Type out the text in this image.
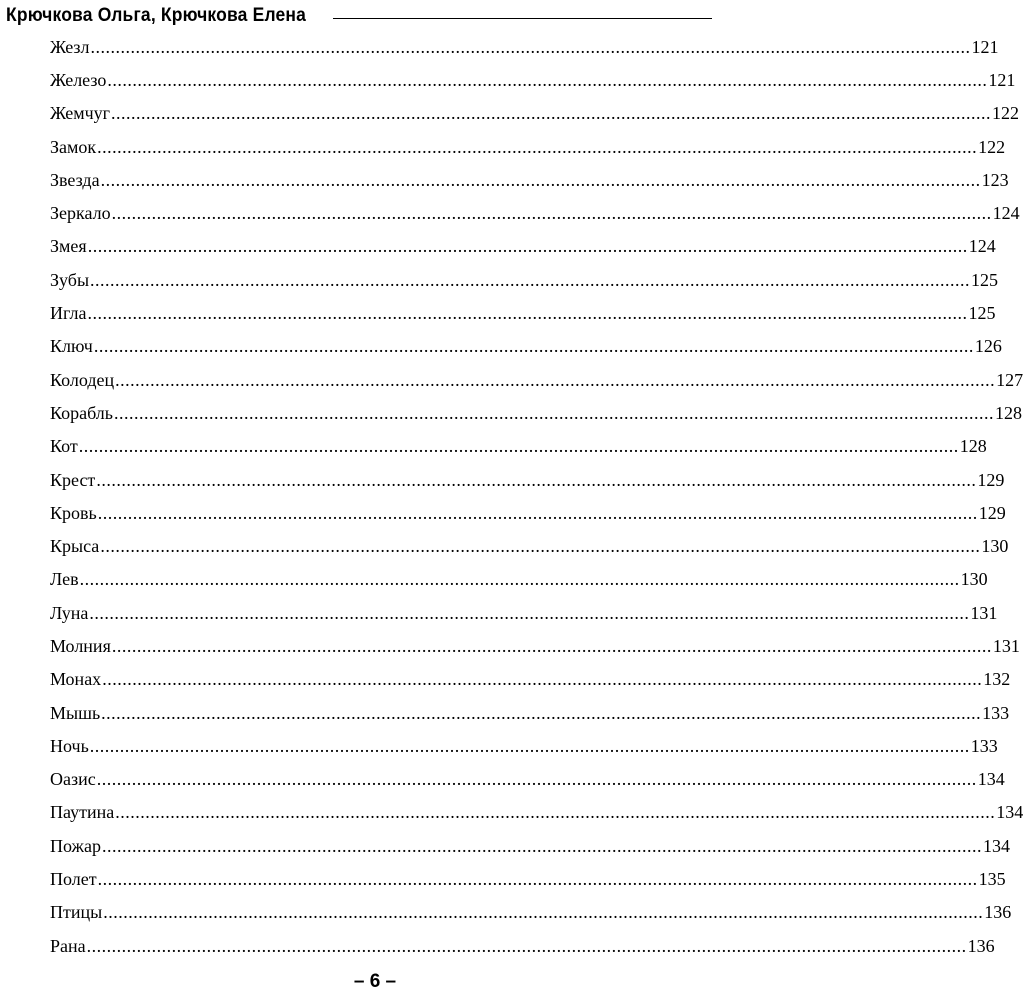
Крючкова Ольга, Крючкова Елена
Жезл ................................................................................................................................................................................ 121
Железо ................................................................................................................................................................................ 121
Жемчуг ................................................................................................................................................................................ 122
Замок ................................................................................................................................................................................ 122
Звезда ................................................................................................................................................................................ 123
Зеркало ................................................................................................................................................................................ 124
Змея ................................................................................................................................................................................ 124
Зубы ................................................................................................................................................................................ 125
Игла ................................................................................................................................................................................ 125
Ключ ................................................................................................................................................................................ 126
Колодец ................................................................................................................................................................................ 127
Корабль ................................................................................................................................................................................ 128
Кот ................................................................................................................................................................................ 128
Крест ................................................................................................................................................................................ 129
Кровь ................................................................................................................................................................................ 129
Крыса ................................................................................................................................................................................ 130
Лев ................................................................................................................................................................................ 130
Луна ................................................................................................................................................................................ 131
Молния ................................................................................................................................................................................ 131
Монах ................................................................................................................................................................................ 132
Мышь ................................................................................................................................................................................ 133
Ночь ................................................................................................................................................................................ 133
Оазис ................................................................................................................................................................................ 134
Паутина ................................................................................................................................................................................ 134
Пожар ................................................................................................................................................................................ 134
Полет ................................................................................................................................................................................ 135
Птицы ................................................................................................................................................................................ 136
Рана ................................................................................................................................................................................ 136
– 6 –
